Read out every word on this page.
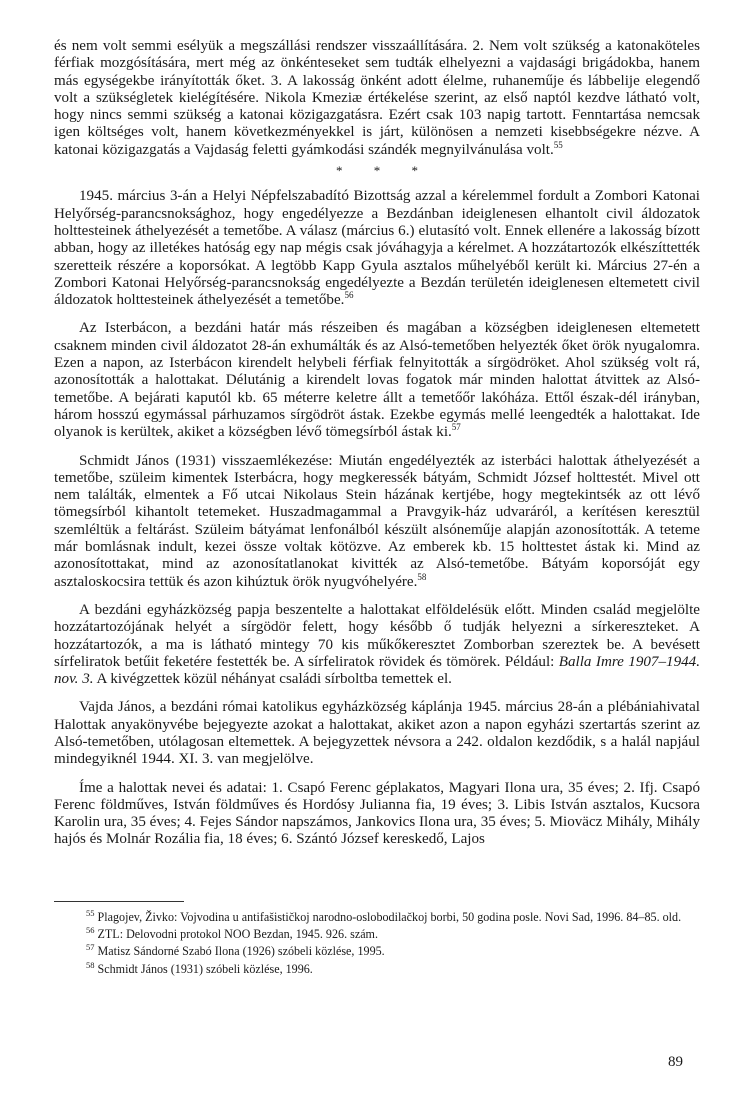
és nem volt semmi esélyük a megszállási rendszer visszaállítására. 2. Nem volt szükség a katonaköteles férfiak mozgósítására, mert még az önkénteseket sem tudták elhelyezni a vajdasági brigádokba, hanem más egységekbe irányították őket. 3. A lakosság önként adott élelme, ruhaneműje és lábbelije elegendő volt a szükségletek kielégítésére. Nikola Kmeziæ értékelése szerint, az első naptól kezdve látható volt, hogy nincs semmi szükség a katonai közigazgatásra. Ezért csak 103 napig tartott. Fenntartása nemcsak igen költséges volt, hanem következményekkel is járt, különösen a nemzeti kisebbségekre nézve. A katonai közigazgatás a Vajdaság feletti gyámkodási szándék megnyilvánulása volt.$^{55}$

* * *

1945. március 3-án a Helyi Népfelszabadító Bizottság azzal a kérelemmel fordult a Zombori Katonai Helyőrség-parancsnoksághoz, hogy engedélyezze a Bezdánban ideiglenesen elhantolt civil áldozatok holttesteinek áthelyezését a temetőbe. A válasz (március 6.) elutasító volt. Ennek ellenére a lakosság bízott abban, hogy az illetékes hatóság egy nap mégis csak jóváhagyja a kérelmet. A hozzátartozók elkészíttették szeretteik részére a koporsókat. A legtöbb Kapp Gyula asztalos műhelyéből került ki. Március 27-én a Zombori Katonai Helyőrség-parancsnokság engedélyezte a Bezdán területén ideiglenesen eltemetett civil áldozatok holttesteinek áthelyezését a temetőbe.$^{56}$

Az Isterbácon, a bezdáni határ más részeiben és magában a községben ideiglenesen eltemetett csaknem minden civil áldozatot 28-án exhumálták és az Alsó-temetőben helyezték őket örök nyugalomra. Ezen a napon, az Isterbácon kirendelt helybeli férfiak felnyitották a sírgödröket. Ahol szükség volt rá, azonosították a halottakat. Délutánig a kirendelt lovas fogatok már minden halottat átvittek az Alsó-temetőbe. A bejárati kaputól kb. 65 méterre keletre állt a temetőőr lakóháza. Ettől észak-dél irányban, három hosszú egymással párhuzamos sírgödröt ástak. Ezekbe egymás mellé leengedték a halottakat. Ide olyanok is kerültek, akiket a községben lévő tömegsírból ástak ki.$^{57}$

Schmidt János (1931) visszaemlékezése: Miután engedélyezték az isterbáci halottak áthelyezését a temetőbe, szüleim kimentek Isterbácra, hogy megkeressék bátyám, Schmidt József holttestét. Mivel ott nem találták, elmentek a Fő utcai Nikolaus Stein házának kertjébe, hogy megtekintsék az ott lévő tömegsírból kihantolt tetemeket. Huszadmagammal a Pravgyik-ház udvaráról, a kerítésen keresztül szemléltük a feltárást. Szüleim bátyámat lenfonálból készült alsóneműje alapján azonosították. A teteme már bomlásnak indult, kezei össze voltak kötözve. Az emberek kb. 15 holttestet ástak ki. Mind az azonosítottakat, mind az azonosítatlanokat kivitték az Alsó-temetőbe. Bátyám koporsóját egy asztaloskocsira tettük és azon kihúztuk örök nyugvóhelyére.$^{58}$

A bezdáni egyházközség papja beszentelte a halottakat elföldelésük előtt. Minden család megjelölte hozzátartozójának helyét a sírgödör felett, hogy később ő tudják helyezni a sírkereszteket. A hozzátartozók, a ma is látható mintegy 70 kis műkőkeresztet Zomborban szereztek be. A bevésett sírfeliratok betűit feketére festették be. A sírfeliratok rövidek és tömörek. Például: Balla Imre 1907–1944. nov. 3. A kivégzettek közül néhányat családi sírboltba temettek el.

Vajda János, a bezdáni római katolikus egyházközség káplánja 1945. március 28-án a plébániahivatal Halottak anyakönyvébe bejegyezte azokat a halottakat, akiket azon a napon egyházi szertartás szerint az Alsó-temetőben, utólagosan eltemettek. A bejegyzettek névsora a 242. oldalon kezdődik, s a halál napjául mindegyiknél 1944. XI. 3. van megjelölve.

Íme a halottak nevei és adatai: 1. Csapó Ferenc géplakatos, Magyari Ilona ura, 35 éves; 2. Ifj. Csapó Ferenc földműves, István földműves és Hordósy Julianna fia, 19 éves; 3. Libis István asztalos, Kucsora Karolin ura, 35 éves; 4. Fejes Sándor napszámos, Jankovics Ilona ura, 35 éves; 5. Mioväcz Mihály, Mihály hajós és Molnár Rozália fia, 18 éves; 6. Szántó József kereskedő, Lajos

$^{55}$ Plagojev, Živko: Vojvodina u antifašističkoj narodno-oslobodilačkoj borbi, 50 godina posle. Novi Sad, 1996. 84–85. old.
$^{56}$ ZTL: Delovodni protokol NOO Bezdan, 1945. 926. szám.
$^{57}$ Matisz Sándorné Szabó Ilona (1926) szóbeli közlése, 1995.
$^{58}$ Schmidt János (1931) szóbeli közlése, 1996.
89
